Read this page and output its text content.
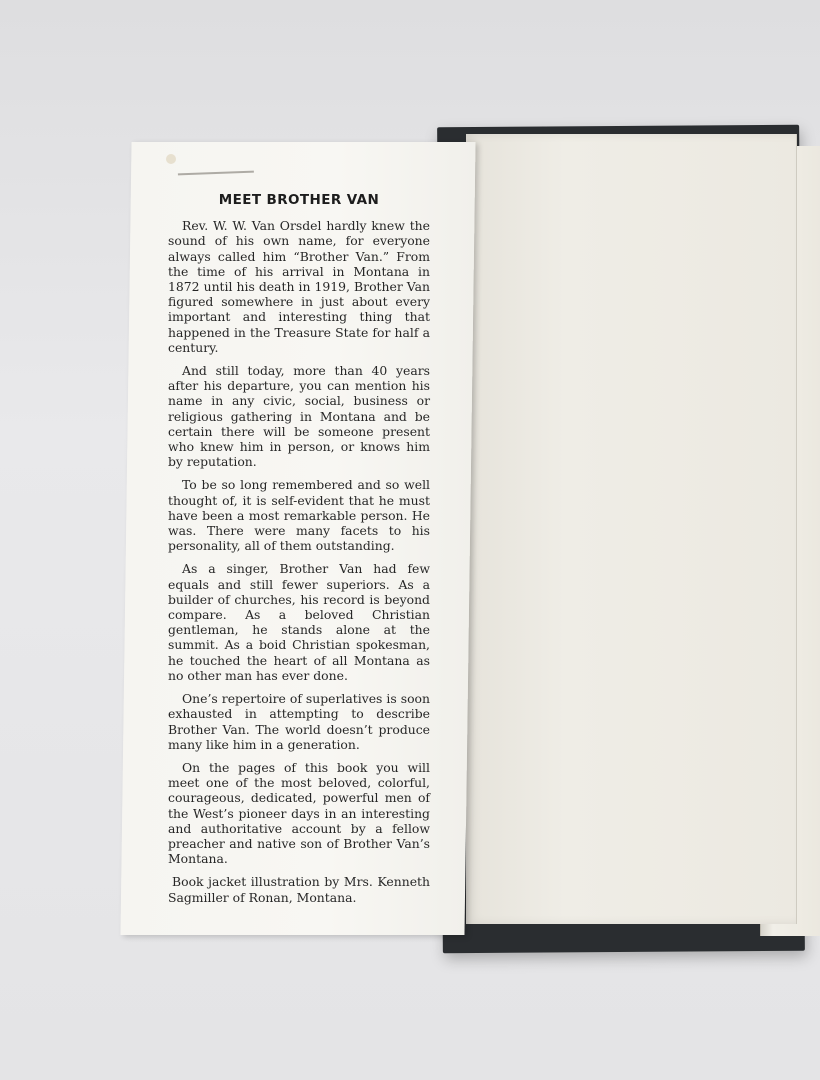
MEET BROTHER VAN

Rev. W. W. Van Orsdel hardly knew the sound of his own name, for everyone always called him “Brother Van.” From the time of his arrival in Montana in 1872 until his death in 1919, Brother Van figured somewhere in just about every important and interesting thing that happened in the Treasure State for half a century.

And still today, more than 40 years after his departure, you can mention his name in any civic, social, business or religious gathering in Montana and be certain there will be someone present who knew him in person, or knows him by reputation.

To be so long remembered and so well thought of, it is self-evident that he must have been a most remarkable person. He was. There were many facets to his personality, all of them outstanding.

As a singer, Brother Van had few equals and still fewer superiors. As a builder of churches, his record is beyond compare. As a beloved Christian gentleman, he stands alone at the summit. As a boid Christian spokesman, he touched the heart of all Montana as no other man has ever done.

One’s repertoire of superlatives is soon exhausted in attempting to describe Brother Van. The world doesn’t produce many like him in a generation.

On the pages of this book you will meet one of the most beloved, colorful, courageous, dedicated, powerful men of the West’s pioneer days in an interesting and authoritative account by a fellow preacher and native son of Brother Van’s Montana.

Book jacket illustration by Mrs. Kenneth Sagmiller of Ronan, Montana.
